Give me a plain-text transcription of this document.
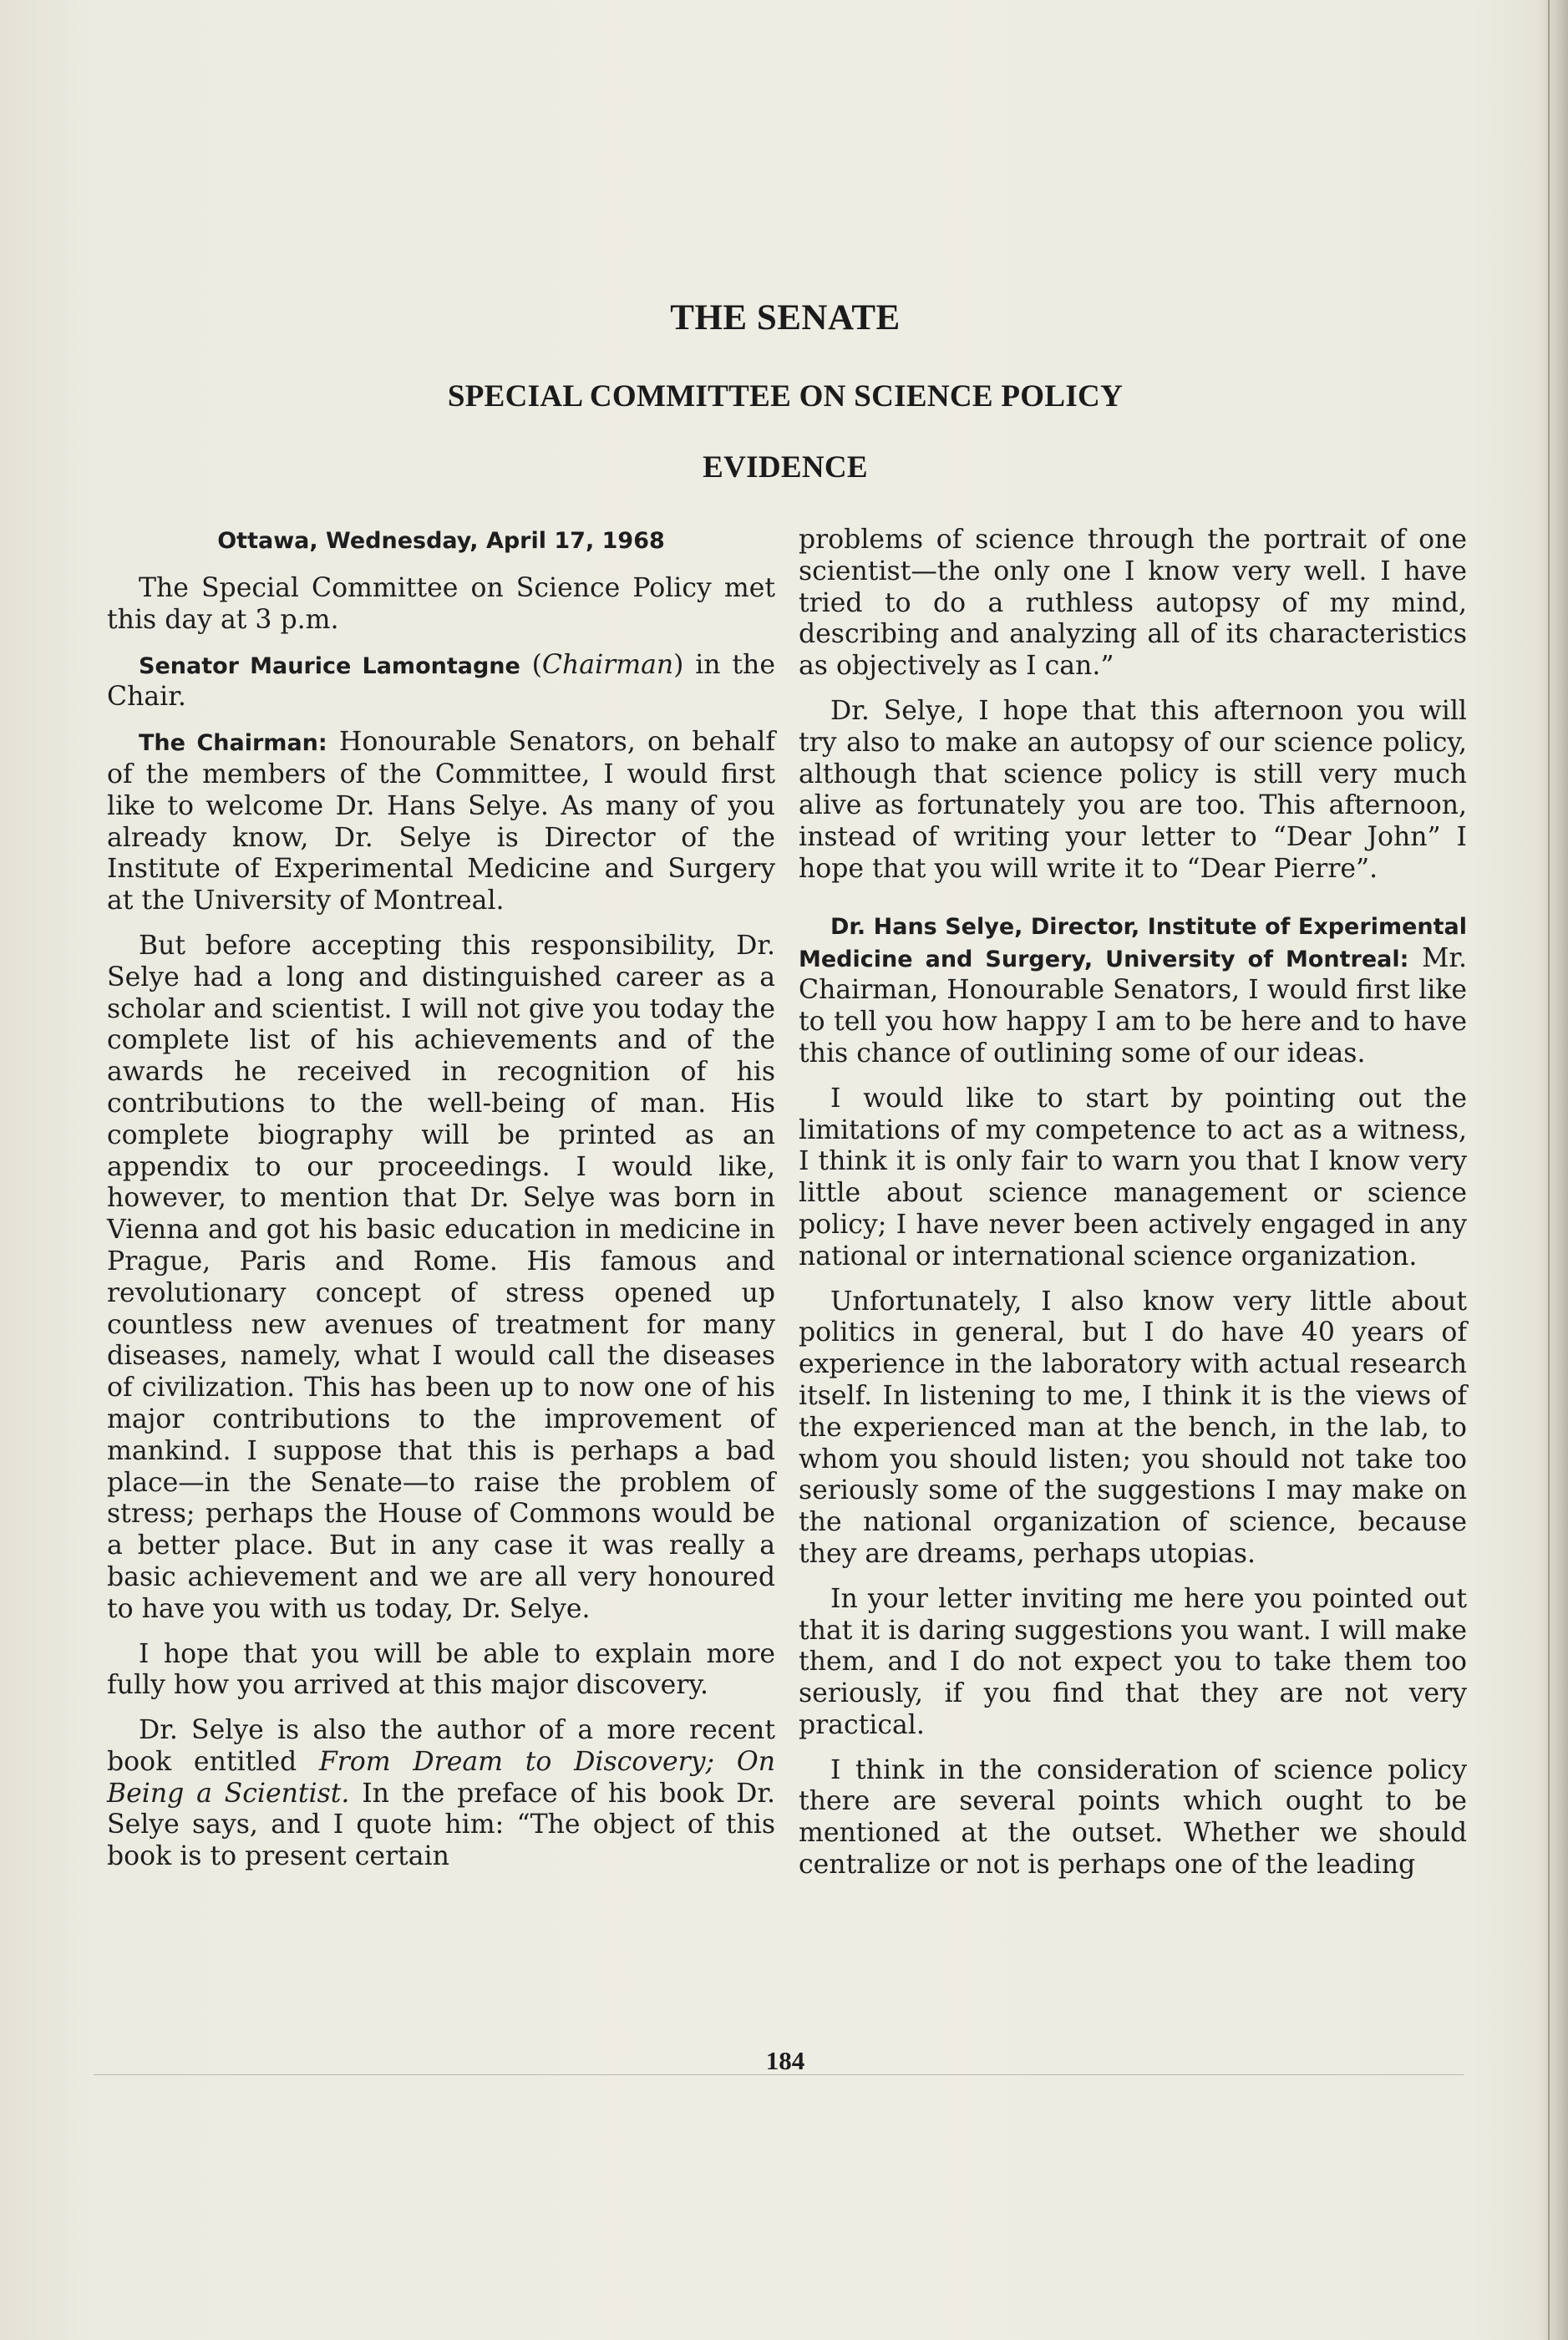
THE SENATE
SPECIAL COMMITTEE ON SCIENCE POLICY
EVIDENCE
Ottawa, Wednesday, April 17, 1968

The Special Committee on Science Policy met this day at 3 p.m.

Senator Maurice Lamontagne (Chairman) in the Chair.

The Chairman: Honourable Senators, on behalf of the members of the Committee, I would first like to welcome Dr. Hans Selye. As many of you already know, Dr. Selye is Director of the Institute of Experimental Medicine and Surgery at the University of Montreal.

But before accepting this responsibility, Dr. Selye had a long and distinguished career as a scholar and scientist. I will not give you today the complete list of his achievements and of the awards he received in recognition of his contributions to the well-being of man. His complete biography will be printed as an appendix to our proceedings. I would like, however, to mention that Dr. Selye was born in Vienna and got his basic education in medicine in Prague, Paris and Rome. His famous and revolutionary concept of stress opened up countless new avenues of treatment for many diseases, namely, what I would call the diseases of civilization. This has been up to now one of his major contributions to the improvement of mankind. I suppose that this is perhaps a bad place—in the Senate—to raise the problem of stress; perhaps the House of Commons would be a better place. But in any case it was really a basic achievement and we are all very honoured to have you with us today, Dr. Selye.

I hope that you will be able to explain more fully how you arrived at this major discovery.

Dr. Selye is also the author of a more recent book entitled From Dream to Discovery; On Being a Scientist. In the preface of his book Dr. Selye says, and I quote him: “The object of this book is to present certain

problems of science through the portrait of one scientist—the only one I know very well. I have tried to do a ruthless autopsy of my mind, describing and analyzing all of its characteristics as objectively as I can.”

Dr. Selye, I hope that this afternoon you will try also to make an autopsy of our science policy, although that science policy is still very much alive as fortunately you are too. This afternoon, instead of writing your letter to “Dear John” I hope that you will write it to “Dear Pierre”.

Dr. Hans Selye, Director, Institute of Experimental Medicine and Surgery, University of Montreal: Mr. Chairman, Honourable Senators, I would first like to tell you how happy I am to be here and to have this chance of outlining some of our ideas.

I would like to start by pointing out the limitations of my competence to act as a witness, I think it is only fair to warn you that I know very little about science management or science policy; I have never been actively engaged in any national or international science organization.

Unfortunately, I also know very little about politics in general, but I do have 40 years of experience in the laboratory with actual research itself. In listening to me, I think it is the views of the experienced man at the bench, in the lab, to whom you should listen; you should not take too seriously some of the suggestions I may make on the national organization of science, because they are dreams, perhaps utopias.

In your letter inviting me here you pointed out that it is daring suggestions you want. I will make them, and I do not expect you to take them too seriously, if you find that they are not very practical.

I think in the consideration of science policy there are several points which ought to be mentioned at the outset. Whether we should centralize or not is perhaps one of the leading

184
